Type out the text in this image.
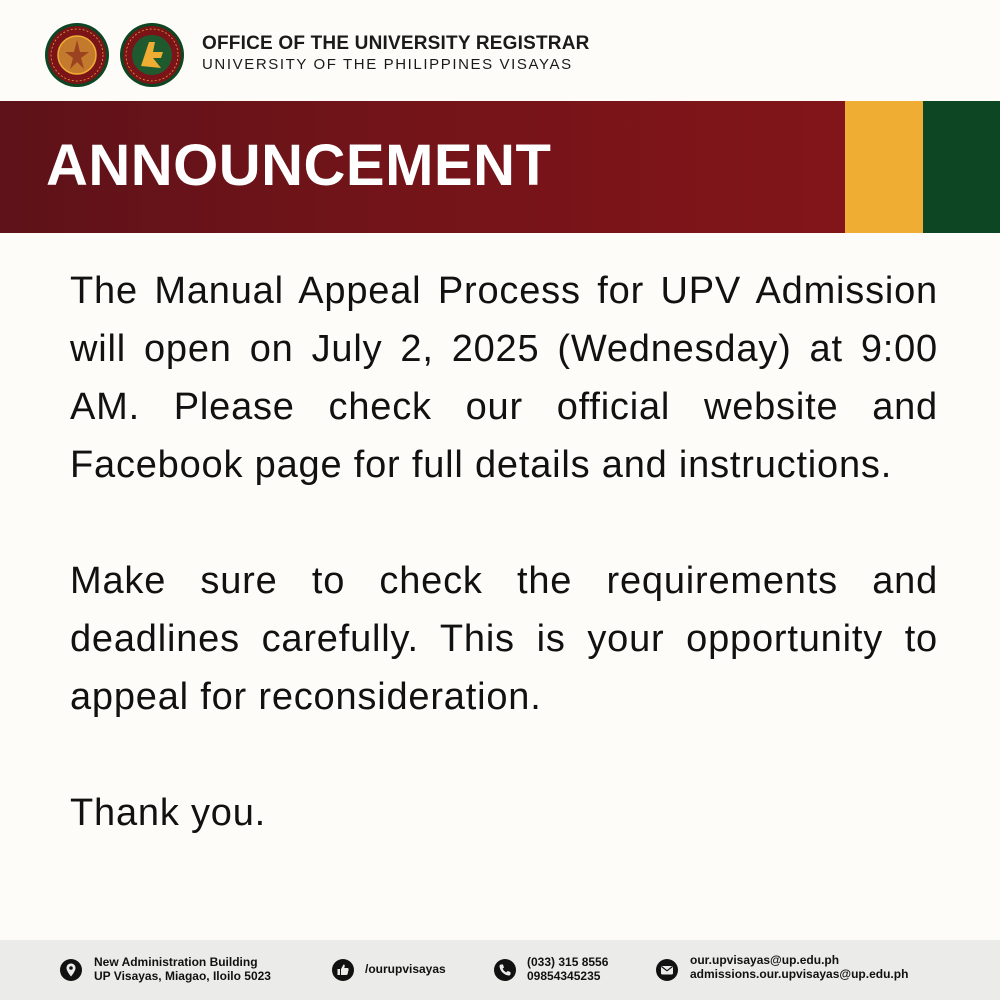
OFFICE OF THE UNIVERSITY REGISTRAR
UNIVERSITY OF THE PHILIPPINES VISAYAS
ANNOUNCEMENT

The Manual Appeal Process for UPV Admission will open on July 2, 2025 (Wednesday) at 9:00 AM. Please check our official website and Facebook page for full details and instructions.

Make sure to check the requirements and deadlines carefully. This is your opportunity to appeal for reconsideration.

Thank you.

New Administration Building
UP Visayas, Miagao, Iloilo 5023	/ourupvisayas	(033) 315 8556
09854345235
our.upvisayas@up.edu.ph
admissions.our.upvisayas@up.edu.ph
